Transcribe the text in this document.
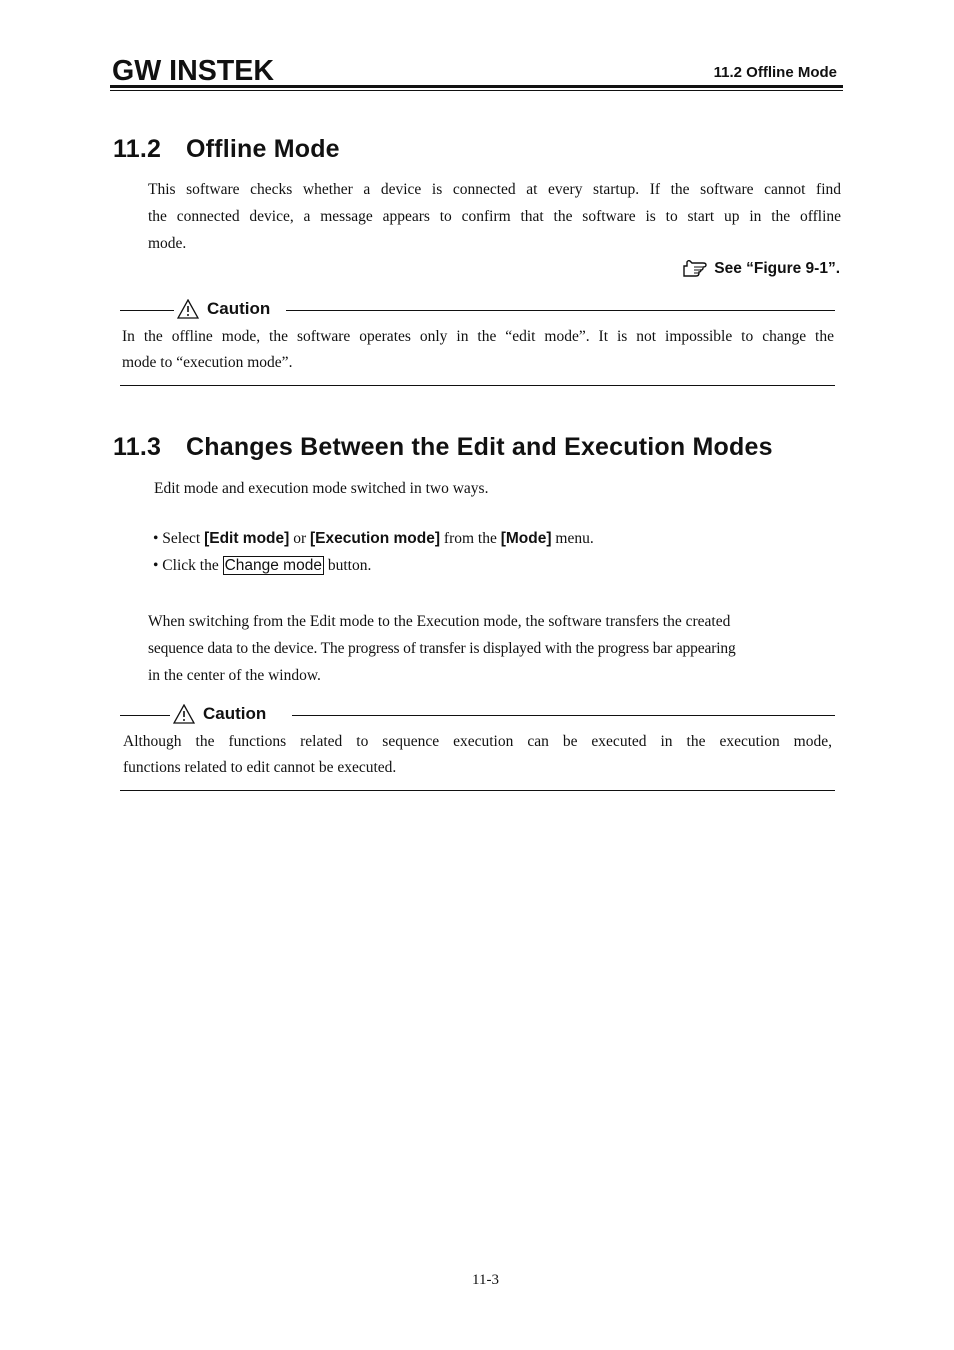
GW INSTEK	11.2 Offline Mode
11.2 Offline Mode
This software checks whether a device is connected at every startup. If the software cannot find
the connected device, a message appears to confirm that the software is to start up in the offline
mode.
See “Figure 9-1”.
Caution
In the offline mode, the software operates only in the “edit mode”. It is not impossible to change the
mode to “execution mode”.
11.3 Changes Between the Edit and Execution Modes
Edit mode and execution mode switched in two ways.
• Select [Edit mode] or [Execution mode] from the [Mode] menu.
• Click the Change mode button.
When switching from the Edit mode to the Execution mode, the software transfers the created
sequence data to the device. The progress of transfer is displayed with the progress bar appearing
in the center of the window.
Caution
Although the functions related to sequence execution can be executed in the execution mode,
functions related to edit cannot be executed.
11-3
